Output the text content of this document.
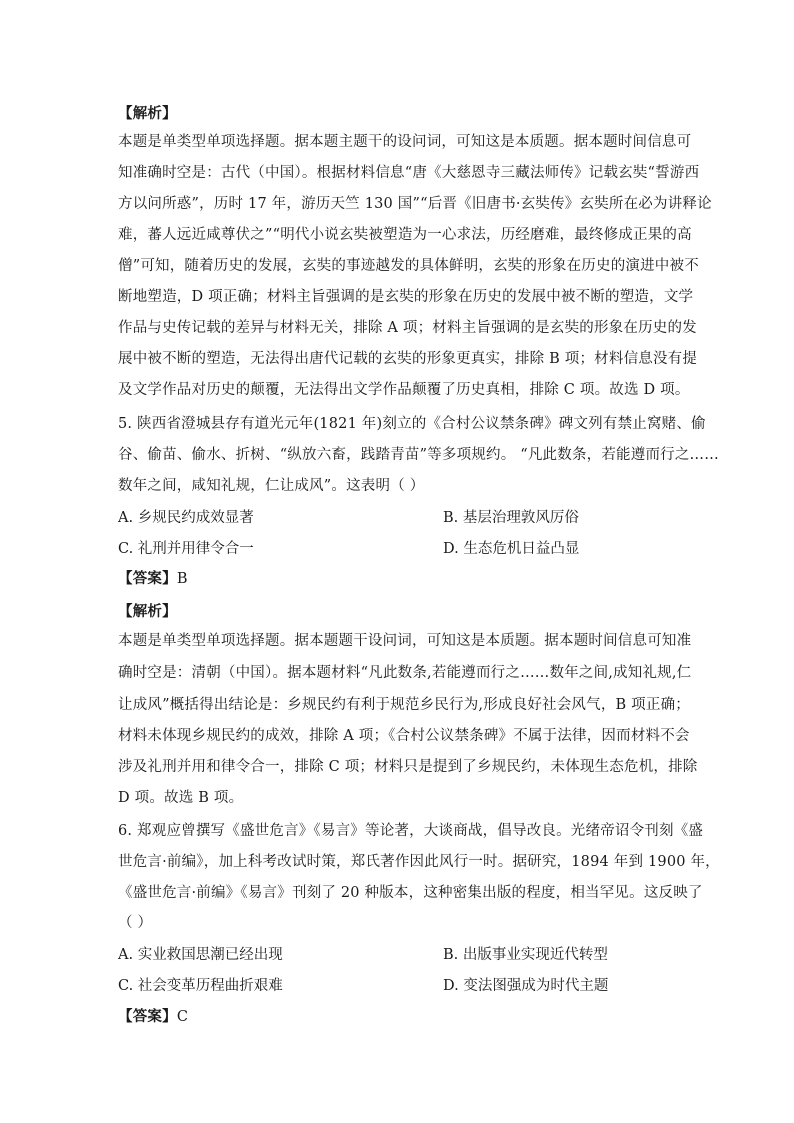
【解析】
本题是单类型单项选择题。据本题主题干的设问词，可知这是本质题。据本题时间信息可
知准确时空是：古代（中国）。根据材料信息“唐《大慈恩寺三藏法师传》记载玄奘“誓游西
方以问所惑”，历时 17 年，游历天竺 130 国”“后晋《旧唐书·玄奘传》玄奘所在必为讲释论
难，蕃人远近咸尊伏之”“明代小说玄奘被塑造为一心求法，历经磨难，最终修成正果的高
僧”可知，随着历史的发展，玄奘的事迹越发的具体鲜明，玄奘的形象在历史的演进中被不
断地塑造，D 项正确；材料主旨强调的是玄奘的形象在历史的发展中被不断的塑造，文学
作品与史传记载的差异与材料无关，排除 A 项；材料主旨强调的是玄奘的形象在历史的发
展中被不断的塑造，无法得出唐代记载的玄奘的形象更真实，排除 B 项；材料信息没有提
及文学作品对历史的颠覆，无法得出文学作品颠覆了历史真相，排除 C 项。故选 D 项。
5. 陕西省澄城县存有道光元年(1821 年)刻立的《合村公议禁条碑》碑文列有禁止窝赌、偷
谷、偷苗、偷水、折树、“纵放六畜，践踏青苗”等多项规约。 “凡此数条，若能遵而行之……
数年之间，咸知礼规，仁让成风”。这表明（ ）
A. 乡规民约成效显著	B. 基层治理敦风厉俗
C. 礼刑并用律令合一	D. 生态危机日益凸显
【答案】B
【解析】
本题是单类型单项选择题。据本题题干设问词，可知这是本质题。据本题时间信息可知准
确时空是：清朝（中国）。据本题材料“凡此数条,若能遵而行之……数年之间,成知礼规,仁
让成风”概括得出结论是：乡规民约有利于规范乡民行为,形成良好社会风气，B 项正确；
材料未体现乡规民约的成效，排除 A 项；《合村公议禁条碑》不属于法律，因而材料不会
涉及礼刑并用和律令合一，排除 C 项；材料只是提到了乡规民约，未体现生态危机，排除
D 项。故选 B 项。
6. 郑观应曾撰写《盛世危言》《易言》等论著，大谈商战，倡导改良。光绪帝诏令刊刻《盛
世危言·前编》，加上科考改试时策，郑氏著作因此风行一时。据研究，1894 年到 1900 年，
《盛世危言·前编》《易言》刊刻了 20 种版本，这种密集出版的程度，相当罕见。这反映了
（ ）
A. 实业救国思潮已经出现	B. 出版事业实现近代转型
C. 社会变革历程曲折艰难	D. 变法图强成为时代主题
【答案】C
